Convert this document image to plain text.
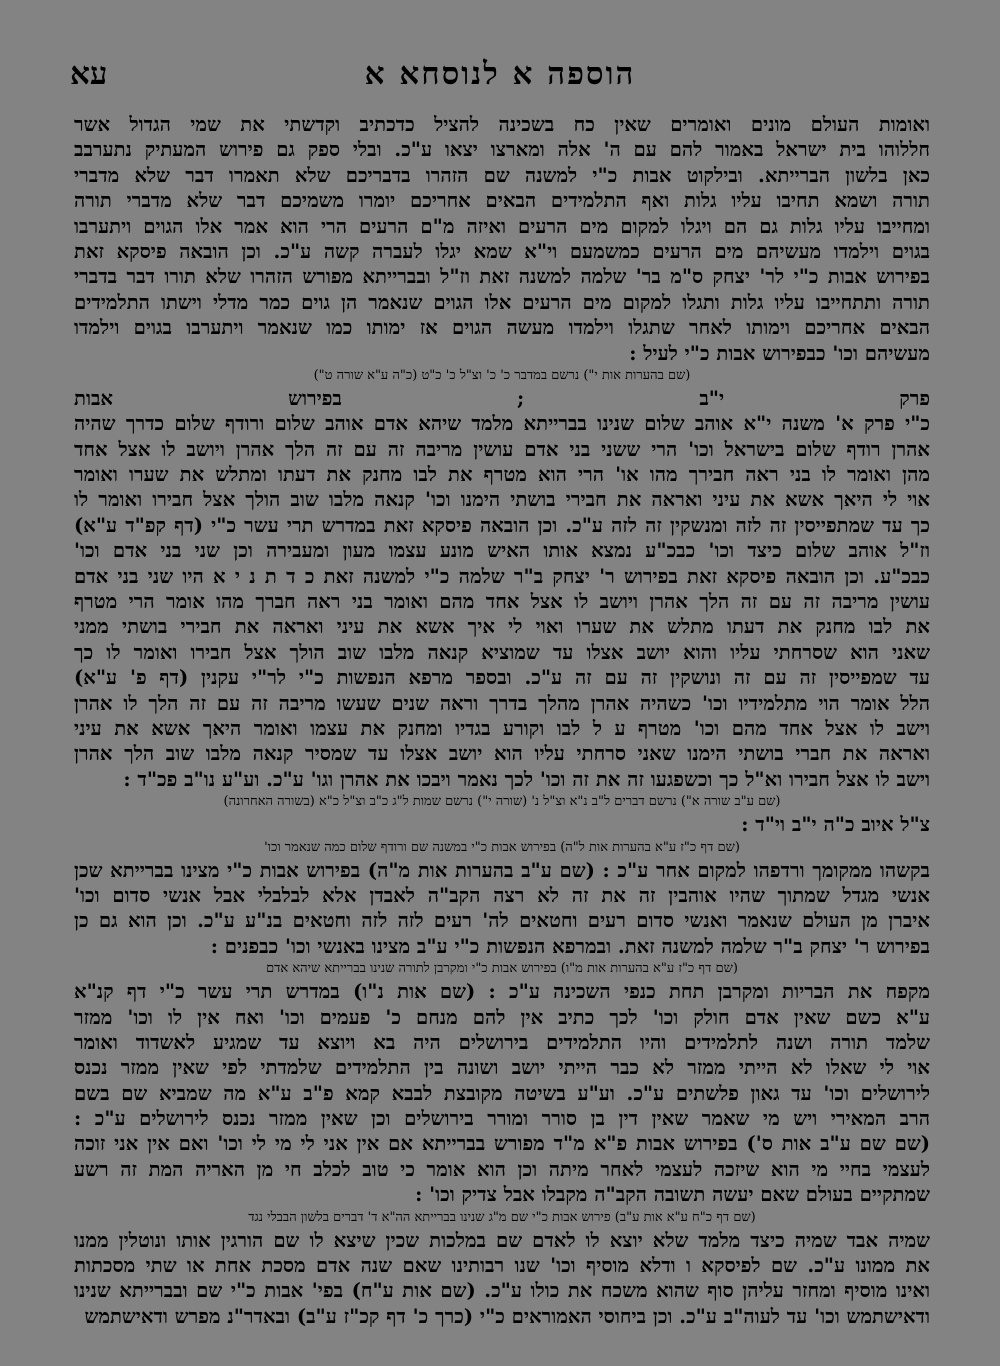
עא	הוספה א לנוסחא א
ואומות העולם מונים ואומרים שאין כח בשכינה להציל כדכתיב וקדשתי את שמי הגדול אשר
חללוהו בית ישראל באמור להם עם ה' אלה ומארצו יצאו ע"כ. ובלי ספק גם פירוש המעתיק נתערבב
כאן בלשון הברייתא. ובילקוט אבות כ"י למשנה שם הזהרו בדבריכם שלא תאמרו דבר שלא מדברי
תורה ושמא תחיבו עליו גלות ואף התלמידים הבאים אחריכם יומרו משמיכם דבר שלא מדברי תורה
ומחייבו עליו גלות גם הם ויגלו למקום מים הרעים ואיזה מ"ם הרעים הרי הוא אמר אלו הגוים ויתערבו
בגוים וילמדו מעשיהם מים הרעים כמשמעם וי"א שמא יגלו לעברה קשה ע"כ. וכן הובאה פיסקא זאת
בפירוש אבות כ"י לר' יצחק ס"מ בר' שלמה למשנה זאת וז"ל ובברייתא מפורש הזהרו שלא תורו דבר בדברי
תורה ותתחייבו עליו גלות ותגלו למקום מים הרעים אלו הגוים שנאמר הן גוים כמר מדלי וישתו התלמידים
הבאים אחריכם וימותו לאחר שתגלו וילמדו מעשה הגוים אז ימותו כמו שנאמר ויתערבו בגוים וילמדו
מעשיהם וכו' כבפירוש אבות כ"י לעיל :
(שם בהערות אות י") נרשם במדבר כ' כ' וצ"ל כ' כ"ט (כ"ה ע"א שורה ט")
פרק י"ב ; בפירוש אבות
כ"י פרק א' משנה י"א אוהב שלום שנינו בברייתא מלמד שיהא אדם אוהב שלום ורודף שלום כדרך שהיה
אהרן רודף שלום בישראל וכו' הרי ששני בני אדם עושין מריבה זה עם זה הלך אהרן ויושב לו אצל אחד
מהן ואומר לו בני ראה חבירך מהו או' הרי הוא מטרף את לבו מחנק את דעתו ומתלש את שערו ואומר
אוי לי היאך אשא את עיני ואראה את חבירי בושתי הימנו וכו' קנאה מלבו שוב הולך אצל חבירו ואומר לו
כך עד שמתפייסין זה לזה ומנשקין זה לזה ע"כ. וכן הובאה פיסקא זאת במדרש תרי עשר כ"י (דף קפ"ד ע"א)
וז"ל אוהב שלום כיצד וכו' כבכ"ע נמצא אותו האיש מונע עצמו מעון ומעבירה וכן שני בני אדם וכו'
כבכ"ע. וכן הובאה פיסקא זאת בפירוש ר' יצחק ב"ר שלמה כ"י למשנה זאת כ ד ת נ י א היו שני בני אדם
עושין מריבה זה עם זה הלך אהרן ויושב לו אצל אחד מהם ואומר בני ראה חברך מהו אומר הרי מטרף
את לבו מחנק את דעתו מתלש את שערו ואוי לי איך אשא את עיני ואראה את חבירי בושתי ממני
שאני הוא שסרחתי עליו והוא יושב אצלו עד שמוציא קנאה מלבו שוב הולך אצל חבירו ואומר לו כך
עד שמפייסין זה עם זה ונושקין זה עם זה ע"כ. ובספר מרפא הנפשות כ"י לר"י עקנין (דף פ' ע"א)
הלל אומר הוי מתלמידיו וכו' כשהיה אהרן מהלך בדרך וראה שנים שעשו מריבה זה עם זה הלך לו אהרן
וישב לו אצל אחד מהם וכו' מטרף ע ל לבו וקורע בגדיו ומחנק את עצמו ואומר היאך אשא את עיני
ואראה את חברי בושתי הימנו שאני סרחתי עליו הוא יושב אצלו עד שמסיר קנאה מלבו שוב הלך אהרן
וישב לו אצל חבירו וא"ל כך וכשפגעו זה את זה וכו' לכך נאמר ויבכו את אהרן וגו' ע"כ. וע"ע נו"ב פכ"ד :
(שם ע"ב שורה א") נרשם דברים ל"ב נ"א וצ"ל נ' (שורה י") נרשם שמות ל"ג כ"ב וצ"ל כ"א (בשורה האחרונה)
צ"ל איוב כ"ה י"ב וי"ד :
(שם דף כ"ז ע"א בהערות אות ל"ה) בפירוש אבות כ"י במשנה שם ורודף שלום כמה שנאמר וכו'
בקשהו ממקומך ורדפהו למקום אחר ע"כ : (שם ע"ב בהערות אות מ"ה) בפירוש אבות כ"י מצינו בברייתא שכן
אנשי מגדל שמתוך שהיו אוהבין זה את זה לא רצה הקב"ה לאבדן אלא לבלבלי אבל אנשי סדום וכו'
איברן מן העולם שנאמר ואנשי סדום רעים וחטאים לה' רעים לזה לזה וחטאים בנ"ע ע"כ. וכן הוא גם כן
בפירוש ר' יצחק ב"ר שלמה למשנה זאת. ובמרפא הנפשות כ"י ע"ב מצינו באנשי וכו' כבפנים :
(שם דף כ"ז ע"א בהערות אות מ"ו) בפירוש אבות כ"י ומקרבן לתורה שנינו בברייתא שיהא אדם
מקפח את הבריות ומקרבן תחת כנפי השכינה ע"כ : (שם אות נ"ו) במדרש תרי עשר כ"י דף קנ"א
ע"א כשם שאין אדם חולק וכו' לכך כתיב אין להם מנחם כ' פעמים וכו' ואח אין לו וכו' ממזר
שלמד תורה ושנה לתלמידים והיו התלמידים בירושלים היה בא ויוצא עד שמגיע לאשדוד ואומר
אוי לי שאלו לא הייתי ממזר לא כבר הייתי יושב ושונה בין התלמידים שלמדתי לפי שאין ממזר נכנס
לירושלים וכו' עד גאון פלשתים ע"כ. וע"ע בשיטה מקובצת לבבא קמא פ"ב ע"א מה שמביא שם בשם
הרב המאירי ויש מי שאמר שאין דין בן סורר ומורר בירושלים וכן שאין ממזר נכנס לירושלים ע"כ :
(שם שם ע"ב אות ס') בפירוש אבות פ"א מ"ד מפורש בברייתא אם אין אני לי מי לי וכו' ואם אין אני זוכה
לעצמי בחיי מי הוא שיזכה לעצמי לאחר מיתה וכן הוא אומר כי טוב לכלב חי מן האריה המת זה רשע
שמתקיים בעולם שאם יעשה תשובה הקב"ה מקבלו אבל צדיק וכו' :
(שם דף כ"ח ע"א אות ע"ב) פירוש אבות כ"י שם מ"ג שנינו בברייתא הה"א ד' דברים בלשון הבבלי נגד
שמיה אבד שמיה כיצד מלמד שלא יוצא לו לאדם שם במלכות שכין שיצא לו שם הורגין אותו ונוטלין ממנו
את ממונו ע"כ. שם לפיסקא ו ודלא מוסיף וכו' שנו רבותינו שאם שנה אדם מסכת אחת או שתי מסכתות
ואינו מוסיף ומחזר עליהן סוף שהוא משכח את כולו ע"כ. (שם אות ע"ח) בפי' אבות כ"י שם ובברייתא שנינו
ודאישתמש וכו' עד לעוה"ב ע"כ. וכן ביחוסי האמוראים כ"י (כרך כ' דף קכ"ז ע"ב) ובאדר"נ מפרש ודאישתמש
